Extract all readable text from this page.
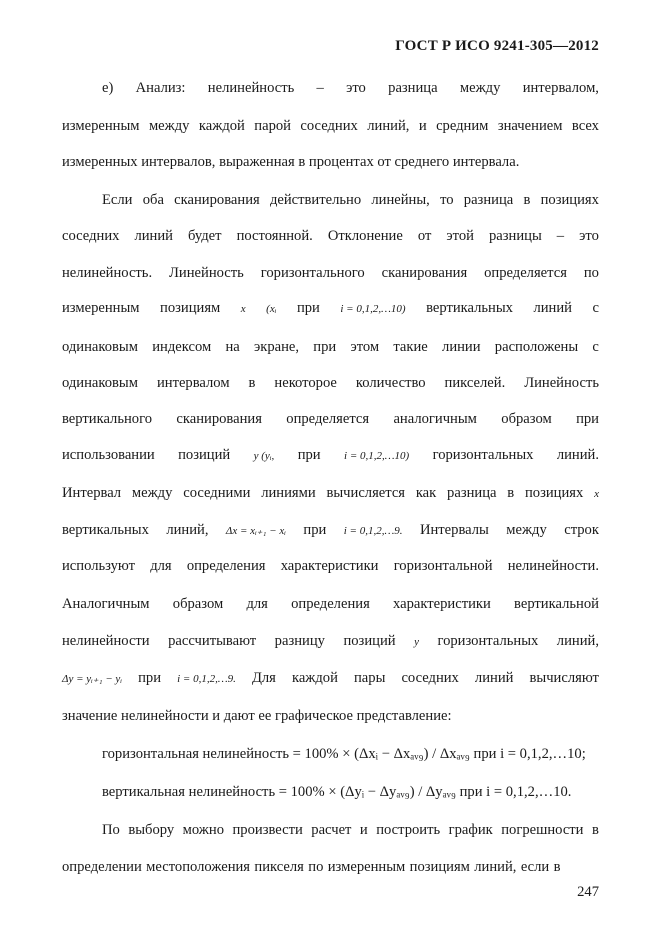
ГОСТ Р ИСО 9241-305—2012
е) Анализ: нелинейность – это разница между интервалом,
измеренным между каждой парой соседних линий, и средним значением всех
измеренных интервалов, выраженная в процентах от среднего интервала.
Если оба сканирования действительно линейны, то разница в позициях
соседних линий будет постоянной. Отклонение от этой разницы – это
нелинейность. Линейность горизонтального сканирования определяется по
измеренным позициям x (xᵢ при i = 0,1,2,…10) вертикальных линий с
одинаковым индексом на экране, при этом такие линии расположены с
одинаковым интервалом в некоторое количество пикселей. Линейность
вертикального сканирования определяется аналогичным образом при
использовании позиций y (yᵢ, при i = 0,1,2,…10) горизонтальных линий.
Интервал между соседними линиями вычисляется как разница в позициях x
вертикальных линий, Δx = xᵢ₊₁ − xᵢ при i = 0,1,2,…9. Интервалы между строк
используют для определения характеристики горизонтальной нелинейности.
Аналогичным образом для определения характеристики вертикальной
нелинейности рассчитывают разницу позиций y горизонтальных линий,
Δy = yᵢ₊₁ − yᵢ при i = 0,1,2,…9. Для каждой пары соседних линий вычисляют
значение нелинейности и дают ее графическое представление:
По выбору можно произвести расчет и построить график погрешности в
определении местоположения пикселя по измеренным позициям линий, если в
горизонтальная нелинейность = 100% × (Δxᵢ − Δxₐᵥ₉) / Δxₐᵥ₉ при i = 0,1,2,…10;
вертикальная нелинейность = 100% × (Δyᵢ − Δyₐᵥ₉) / Δyₐᵥ₉ при i = 0,1,2,…10.
247
